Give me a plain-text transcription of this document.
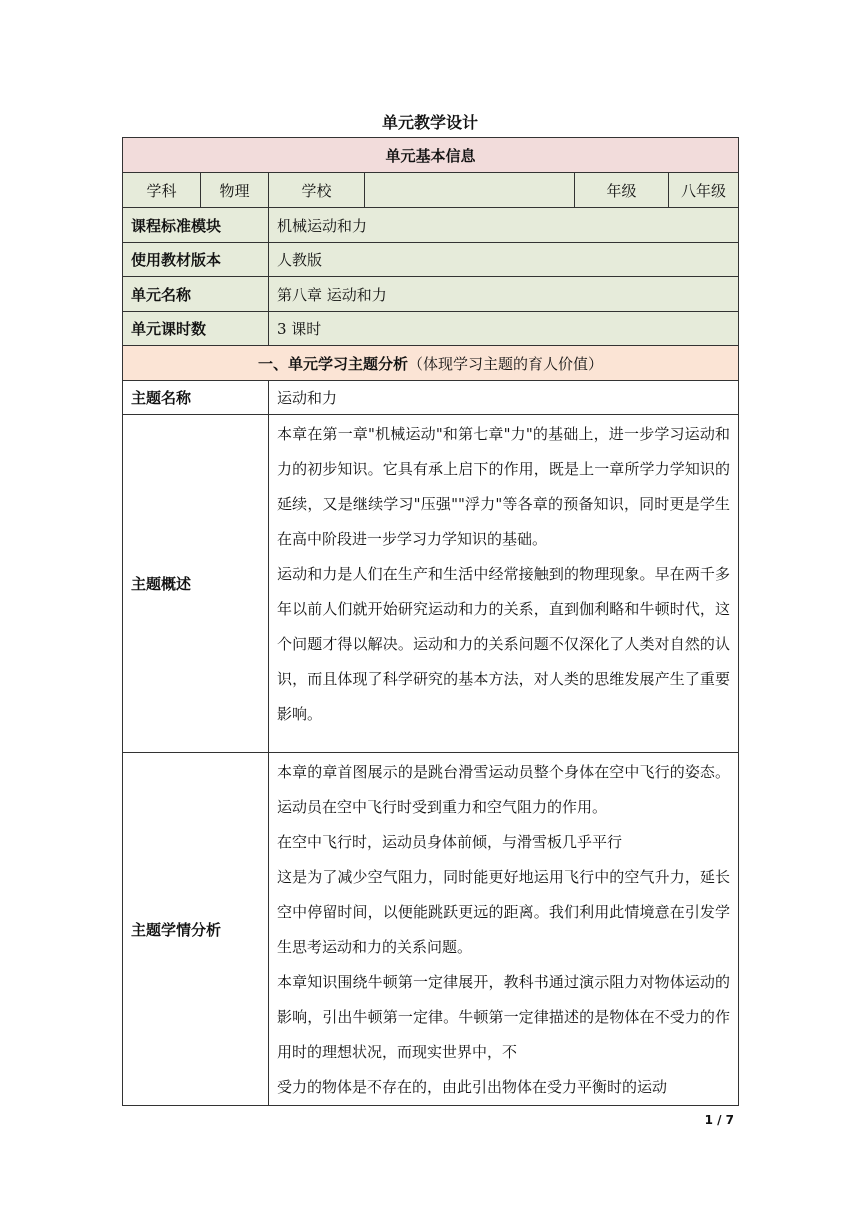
单元教学设计
单元基本信息					
学科	物理	学校		年级	八年级
课程标准模块		机械运动和力			
使用教材版本		人教版			
单元名称		第八章 运动和力			
单元课时数		3 课时			
一、单元学习主题分析（体现学习主题的育人价值）					
主题名称		运动和力			
主题概述		本章在第一章"机械运动"和第七章"力"的基础上，进一步学习运动和力的初步知识。它具有承上启下的作用，既是上一章所学力学知识的延续，又是继续学习"压强""浮力"等各章的预备知识，同时更是学生在高中阶段进一步学习力学知识的基础。

运动和力是人们在生产和生活中经常接触到的物理现象。早在两千多年以前人们就开始研究运动和力的关系，直到伽利略和牛顿时代，这个问题才得以解决。运动和力的关系问题不仅深化了人类对自然的认识，而且体现了科学研究的基本方法，对人类的思维发展产生了重要影响。			

主题学情分析		本章的章首图展示的是跳台滑雪运动员整个身体在空中飞行的姿态。运动员在空中飞行时受到重力和空气阻力的作用。

在空中飞行时，运动员身体前倾，与滑雪板几乎平行

这是为了减少空气阻力，同时能更好地运用飞行中的空气升力，延长空中停留时间，以便能跳跃更远的距离。我们利用此情境意在引发学生思考运动和力的关系问题。

本章知识围绕牛顿第一定律展开，教科书通过演示阻力对物体运动的影响，引出牛顿第一定律。牛顿第一定律描述的是物体在不受力的作用时的理想状况，而现实世界中，不

受力的物体是不存在的，由此引出物体在受力平衡时的运动			

1 / 7
